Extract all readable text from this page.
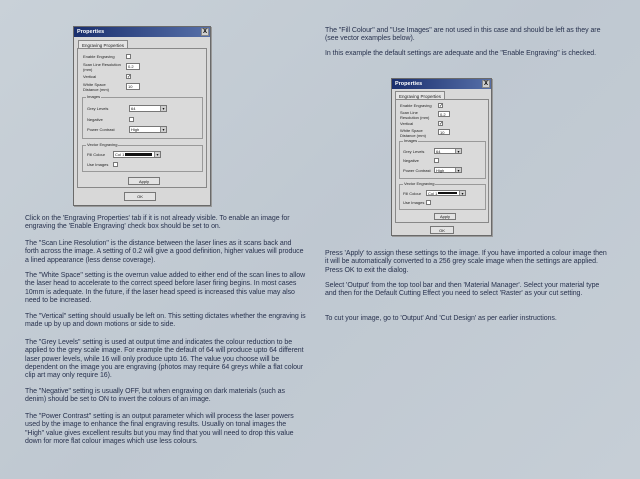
Properties	X
Engraving Properties
Enable Engraving
Scan Line Resolution (mm)
0.2
Vertical	✓
White Space Distance (mm)
10
Images
Grey Levels	64	▾
Negative
Power Contrast	High	▾
Vector Engraving
Fill Colour	Col 1	▾
Use Images
Apply
OK
Properties	X
Engraving Properties
Enable Engraving ✓
Scan Line Resolution (mm)
0.2
Vertical	✓
White Space Distance (mm)
10
Images
Grey Levels	64	▾
Negative
Power Contrast	High	▾
Vector Engraving
Fill Colour	Col 1	▾
Use Images
Apply
OK
Click on the 'Engraving Properties' tab if it is not already visible. To enable an image for engraving the 'Enable Engraving' check box should be set to on.
The "Scan Line Resolution" is the distance between the laser lines as it scans back and forth across the image. A setting of 0.2 will give a good definition, higher values will produce a lined appearance (less dense coverage).
The "White Space" setting is the overrun value added to either end of the scan lines to allow the laser head to accelerate to the correct speed before laser firing begins. In most cases 10mm is adequate. In the future, if the laser head speed is increased this value may also need to be increased.
The "Vertical" setting should usually be left on. This setting dictates whether the engraving is made up by up and down motions or side to side.
The "Grey Levels" setting is used at output time and indicates the colour reduction to be applied to the grey scale image. For example the default of 64 will produce upto 64 different laser power levels, while 16 will only produce upto 16. The value you choose will be dependent on the image you are engraving (photos may require 64 greys while a flat colour clip art may only require 16).
The "Negative" setting is usually OFF, but when engraving on dark materials (such as denim) should be set to ON to invert the colours of an image.
The "Power Contrast" setting is an output parameter which will process the laser powers used by the image to enhance the final engraving results. Usually on tonal images the "High" value gives excellent results but you may find that you will need to drop this value down for more flat colour images which use less colours.
The "Fill Colour" and "Use Images" are not used in this case and should be left as they are (see vector examples below).
In this example the default settings are adequate and the "Enable Engraving" is checked.
Press 'Apply' to assign these settings to the image. If you have imported a colour image then it will be automatically converted to a 256 grey scale image when the settings are applied. Press OK to exit the dialog.
Select 'Output' from the top tool bar and then 'Material Manager'. Select your material type and then for the Default Cutting Effect you need to select 'Raster' as your cut setting.
To cut your image, go to 'Output' And 'Cut Design' as per earlier instructions.
